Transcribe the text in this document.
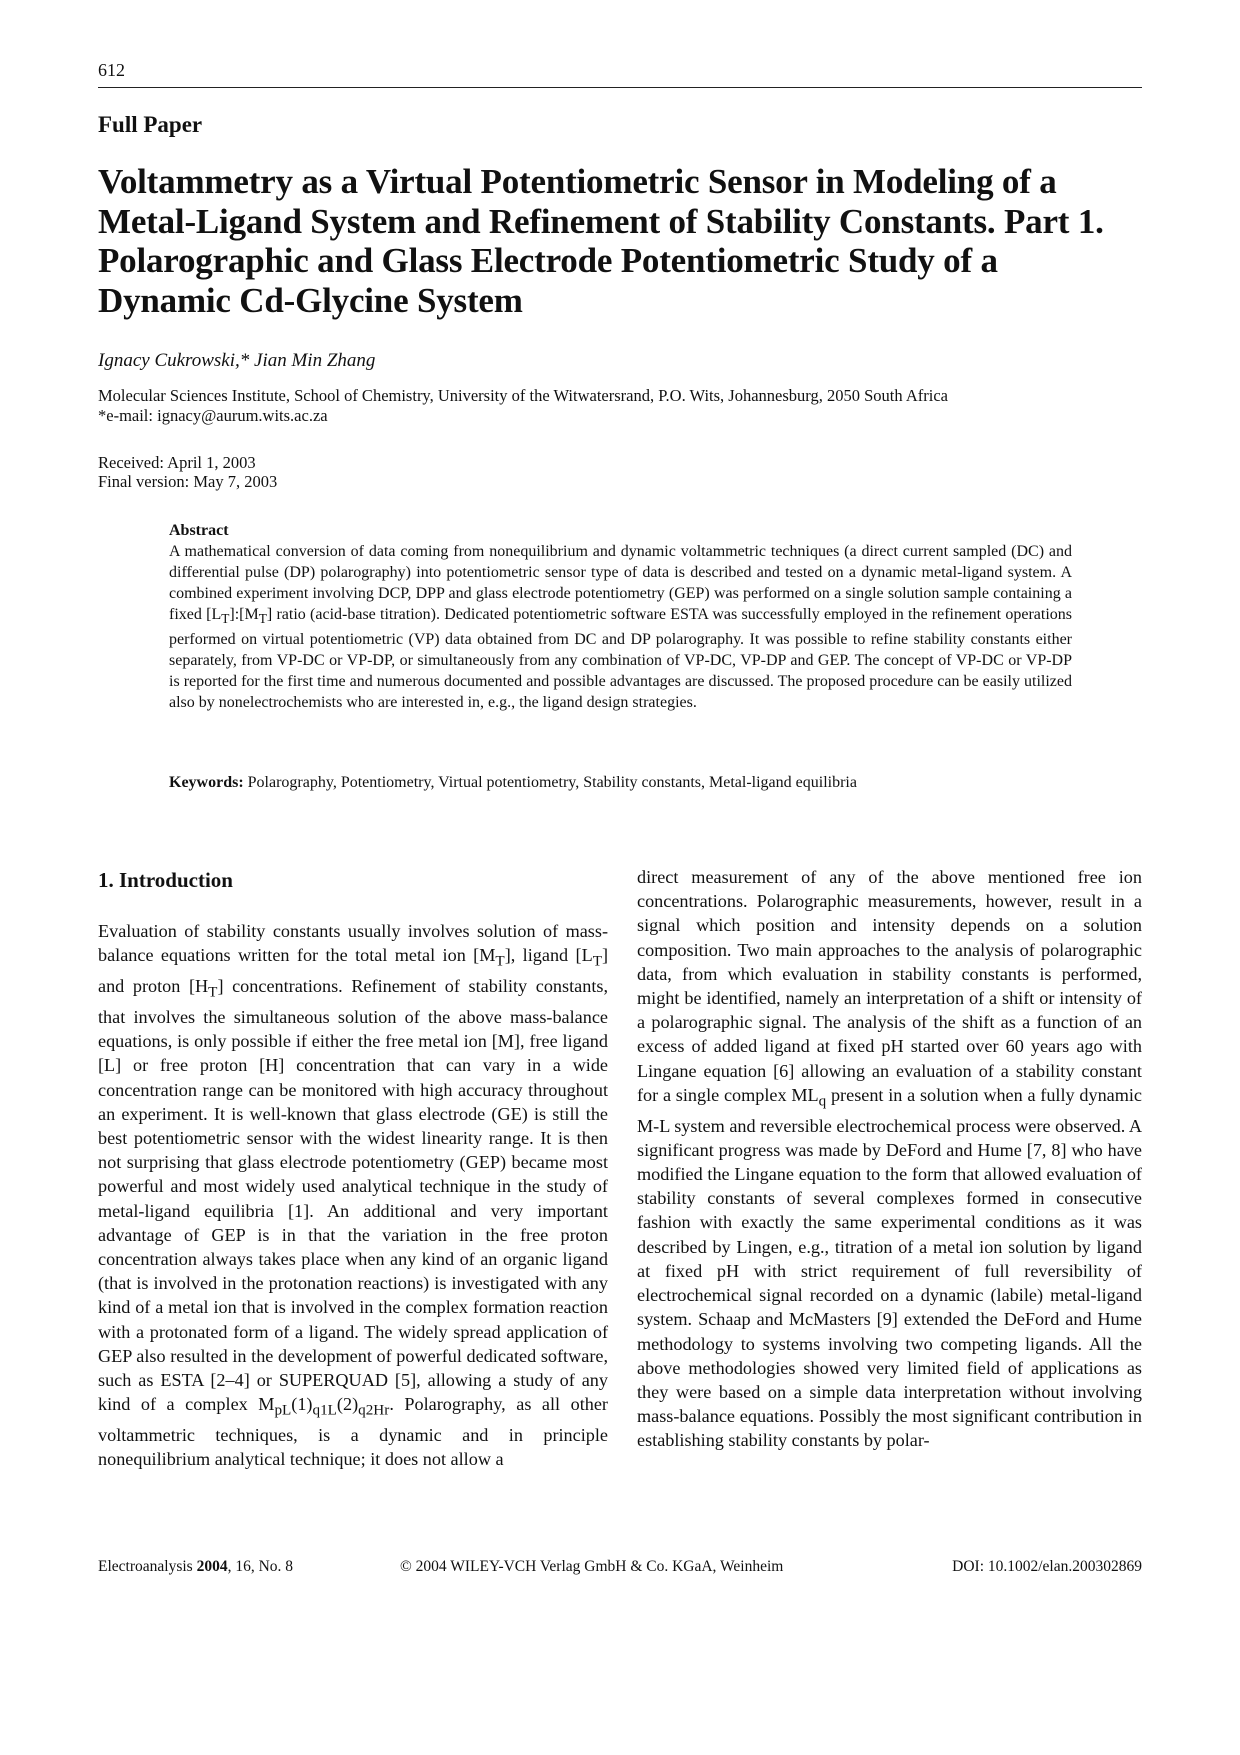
612
Full Paper
Voltammetry as a Virtual Potentiometric Sensor in Modeling of a
Metal-Ligand System and Refinement of Stability Constants. Part 1.
Polarographic and Glass Electrode Potentiometric Study of a
Dynamic Cd-Glycine System
Ignacy Cukrowski,* Jian Min Zhang
Molecular Sciences Institute, School of Chemistry, University of the Witwatersrand, P.O. Wits, Johannesburg, 2050 South Africa
*e-mail: ignacy@aurum.wits.ac.za
Received: April 1, 2003
Final version: May 7, 2003
Abstract
A mathematical conversion of data coming from nonequilibrium and dynamic voltammetric techniques (a direct current sampled (DC) and differential pulse (DP) polarography) into potentiometric sensor type of data is described and tested on a dynamic metal-ligand system. A combined experiment involving DCP, DPP and glass electrode potentiometry (GEP) was performed on a single solution sample containing a fixed $[L_T]:[M_T]$ ratio (acid-base titration). Dedicated potentiometric software ESTA was successfully employed in the refinement operations performed on virtual potentiometric (VP) data obtained from DC and DP polarography. It was possible to refine stability constants either separately, from VP-DC or VP-DP, or simultaneously from any combination of VP-DC, VP-DP and GEP. The concept of VP-DC or VP-DP is reported for the first time and numerous documented and possible advantages are discussed. The proposed procedure can be easily utilized also by nonelectrochemists who are interested in, e.g., the ligand design strategies.
Keywords: Polarography, Potentiometry, Virtual potentiometry, Stability constants, Metal-ligand equilibria
1. Introduction
Evaluation of stability constants usually involves solution of mass-balance equations written for the total metal ion $[M_T]$, ligand $[L_T]$ and proton $[H_T]$ concentrations. Refinement of stability constants, that involves the simultaneous solution of the above mass-balance equations, is only possible if either the free metal ion [M], free ligand [L] or free proton [H] concentration that can vary in a wide concentration range can be monitored with high accuracy throughout an experiment. It is well-known that glass electrode (GE) is still the best potentiometric sensor with the widest linearity range. It is then not surprising that glass electrode potentiometry (GEP) became most powerful and most widely used analytical technique in the study of metal-ligand equilibria [1]. An additional and very important advantage of GEP is in that the variation in the free proton concentration always takes place when any kind of an organic ligand (that is involved in the protonation reactions) is investigated with any kind of a metal ion that is involved in the complex formation reaction with a protonated form of a ligand. The widely spread application of GEP also resulted in the development of powerful dedicated software, such as ESTA [2–4] or SUPERQUAD [5], allowing a study of any kind of a complex $M_{pL}(1)_{q1L}(2)_{q2Hr}$. Polarography, as all other voltammetric techniques, is a dynamic and in principle nonequilibrium analytical technique; it does not allow a
direct measurement of any of the above mentioned free ion concentrations. Polarographic measurements, however, result in a signal which position and intensity depends on a solution composition. Two main approaches to the analysis of polarographic data, from which evaluation in stability constants is performed, might be identified, namely an interpretation of a shift or intensity of a polarographic signal. The analysis of the shift as a function of an excess of added ligand at fixed pH started over 60 years ago with Lingane equation [6] allowing an evaluation of a stability constant for a single complex $ML_q$ present in a solution when a fully dynamic M-L system and reversible electrochemical process were observed. A significant progress was made by DeFord and Hume [7, 8] who have modified the Lingane equation to the form that allowed evaluation of stability constants of several complexes formed in consecutive fashion with exactly the same experimental conditions as it was described by Lingen, e.g., titration of a metal ion solution by ligand at fixed pH with strict requirement of full reversibility of electrochemical signal recorded on a dynamic (labile) metal-ligand system. Schaap and McMasters [9] extended the DeFord and Hume methodology to systems involving two competing ligands. All the above methodologies showed very limited field of applications as they were based on a simple data interpretation without involving mass-balance equations. Possibly the most significant contribution in establishing stability constants by polar-
Electroanalysis 2004, 16, No. 8	© 2004 WILEY-VCH Verlag GmbH & Co. KGaA, Weinheim	DOI: 10.1002/elan.200302869
